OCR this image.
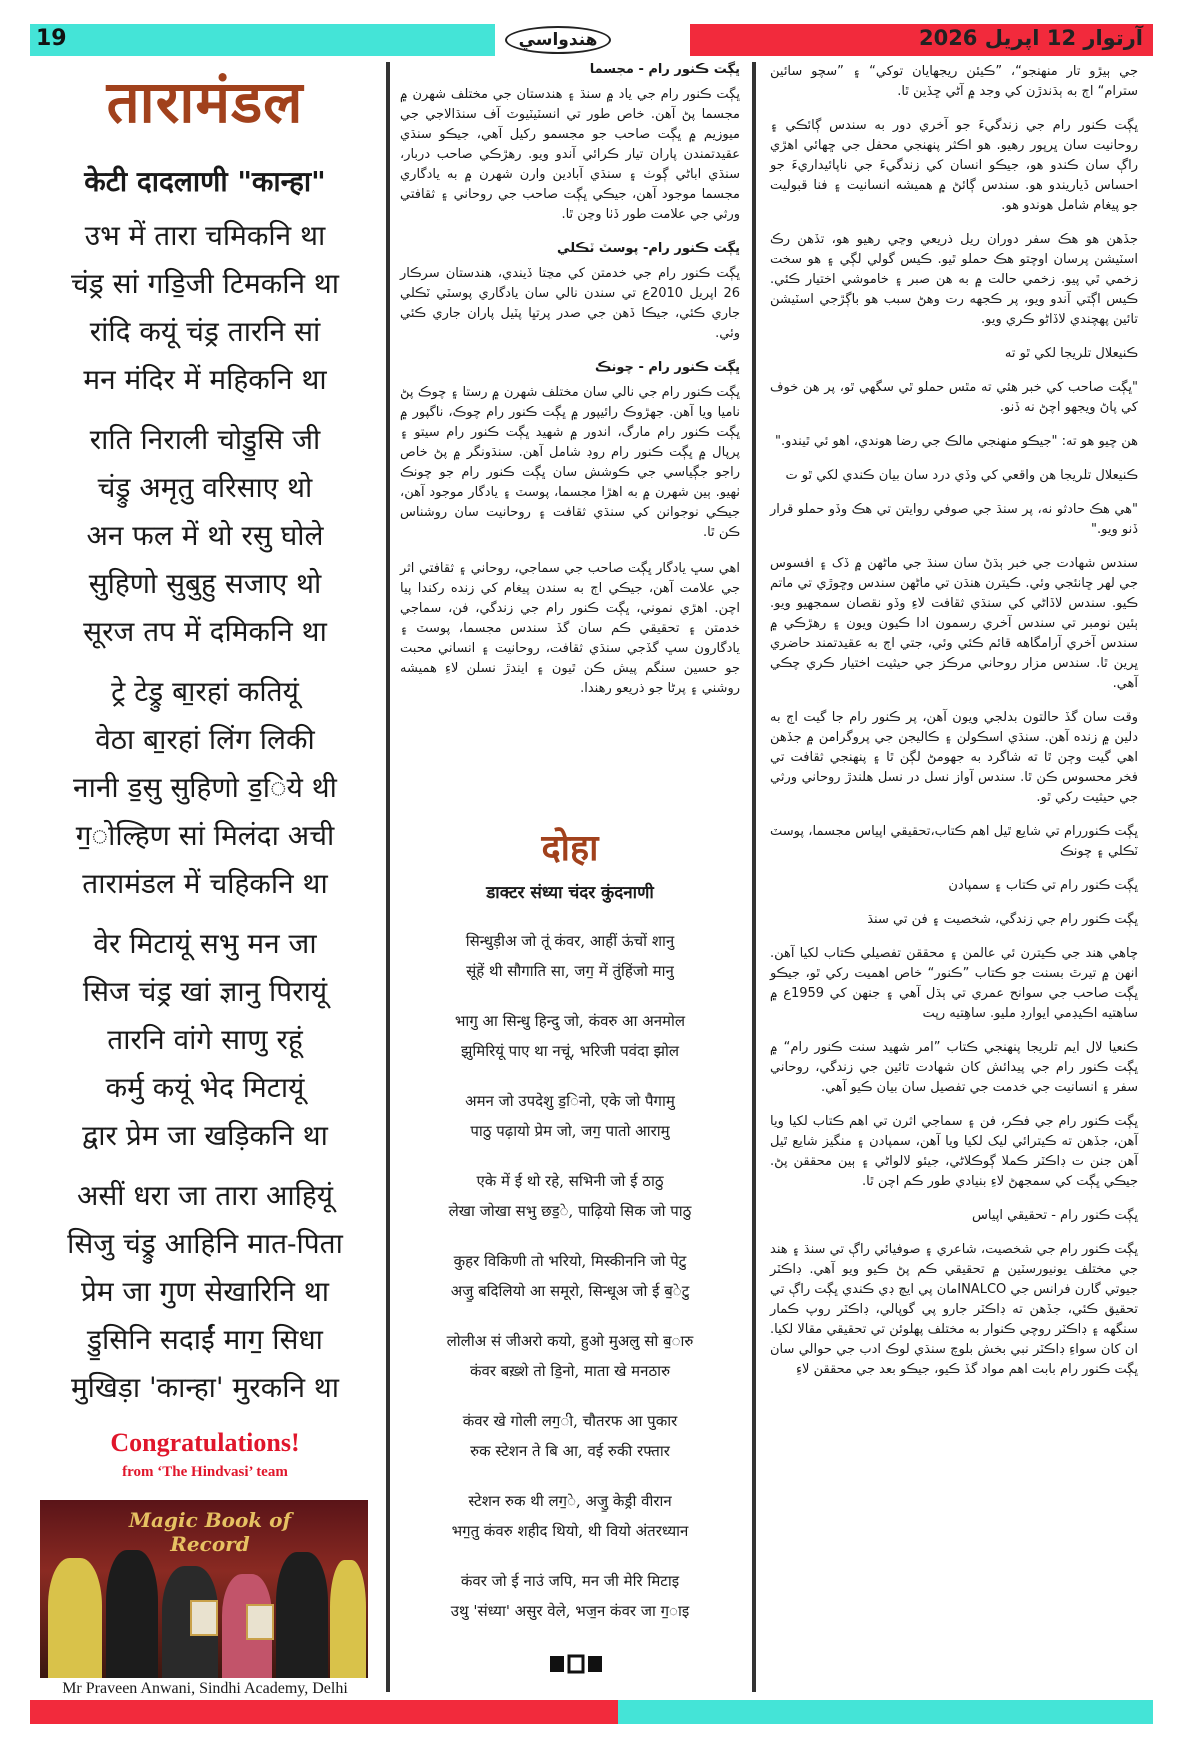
19	آرتوار 12 اپريل 2026
هندواسي
तारामंडल
केटी दादलाणी "कान्हा"
उभ में तारा चमिकनि था
चंड्र सां गडि॒जी टिमकनि था
रांदि कयूं चंड्र तारनि सां
मन मंदिर में महिकनि था
राति निराली चोडु॒सि जी
चंड्रु अमृतु वरिसाए थो
अन फल में थो रसु घोले
सुहिणो सुबुहु सजाए थो
सूरज तप में दमिकनि था
ट्रे टेड्रु बा॒रहां कतियूं
वेठा बा॒रहां लिंग लिकी
नानी ड॒सु सुहिणो ड॒िये थी
ग॒ोल्हिण सां मिलंदा अची
तारामंडल में चहिकनि था
वेर मिटायूं सभु मन जा
सिज चंड्र खां ज्ञानु पिरायूं
तारनि वांगे साणु रहूं
कर्मु कयूं भेद मिटायूं
द्वार प्रेम जा खड़िकनि था
असीं धरा जा तारा आहियूं
सिजु चंड्रु आहिनि मात-पिता
प्रेम जा गुण सेखारिनि था
डु॒सिनि सदाईं माग॒ सिधा
मुखिड़ा 'कान्हा' मुरकनि था
Congratulations!
from ‘The Hindvasi’ team
Magic Book of Record
Mr Praveen Anwani, Sindhi Academy, Delhi
ڀڳت ڪنور رام - مجسما
ڀڳت ڪنور رام جي ياد ۾ سنڌ ۽ هندستان جي مختلف شهرن ۾ مجسما پڻ آهن. خاص طور تي انسٽيٽيوٽ آف سنڌالاجي جي ميوزيم ۾ ڀڳت صاحب جو مجسمو رکيل آهي، جيڪو سنڌي عقيدتمندن پاران تيار ڪرائي آندو ويو. رهڙڪي صاحب دربار، سنڌي اباڻي ڳوٺ ۽ سنڌي آبادين وارن شهرن ۾ به يادگاري مجسما موجود آهن، جيڪي ڀڳت صاحب جي روحاني ۽ ثقافتي ورثي جي علامت طور ڏٺا وڃن ٿا.
ڀڳت ڪنور رام- پوسٽ ٽڪلي
ڀڳت ڪنور رام جي خدمتن کي مڃتا ڏيندي، هندستان سرڪار 26 اپريل 2010ع تي سندن نالي سان يادگاري پوسٽي ٽڪلي جاري ڪئي، جيڪا ڏهن جي صدر پرتڀا پٽيل پاران جاري ڪئي وئي.
ڀڳت ڪنور رام - چونڪ
ڀڳت ڪنور رام جي نالي سان مختلف شهرن ۾ رستا ۽ چوڪ پڻ ناميا ويا آهن. جهڙوڪ رائيپور ۾ ڀڳت ڪنور رام چوڪ، ناگپور ۾ ڀڳت ڪنور رام مارگ، اندور ۾ شهيد ڀڳت ڪنور رام سيتو ۽ پرپال ۾ ڀڳت ڪنور رام روڊ شامل آهن. سنڌونگر ۾ پڻ خاص راجو جڳياسي جي ڪوشش سان ڀڳت ڪنور رام جو چونڪ ٺهيو. ٻين شهرن ۾ به اهڙا مجسما، پوسٽ ۽ يادگار موجود آهن، جيڪي نوجوانن کي سنڌي ثقافت ۽ روحانيت سان روشناس ڪن ٿا.
اهي سڀ يادگار ڀڳت صاحب جي سماجي، روحاني ۽ ثقافتي اثر جي علامت آهن، جيڪي اڄ به سندن پيغام کي زنده رکندا پيا اچن. اهڙي نموني، ڀڳت ڪنور رام جي زندگي، فن، سماجي خدمتن ۽ تحقيقي ڪم سان گڏ سندس مجسما، پوسٽ ۽ يادگارون سڀ گڏجي سنڌي ثقافت، روحانيت ۽ انساني محبت جو حسين سنگم پيش ڪن ٿيون ۽ ايندڙ نسلن لاءِ هميشه روشني ۽ پرڻا جو ذريعو رهندا.
दोहा
डाक्टर संध्या चंदर कुंदनाणी
सिन्धुड़ीअ जो तूं कंवर, आहीं ऊंचों शानु
सूंहें थी सौगाति सा, जग॒ में तुंहिंजो मानु
भागु आ सिन्धु हिन्दु जो, कंवरु आ अनमोल
झुमिरियूं पाए था नचूं, भरिजी पवंदा झोल
अमन जो उपदेशु ड॒िनो, एके जो पैगामु
पाठु पढ़ायो प्रेम जो, जग॒ पातो आरामु
एके में ई थो रहे, सभिनी जो ई ठाठु
लेखा जोखा सभु छड॒े, पाढ़ियो सिक जो पाठु
कुहर विकिणी तो भरियो, मिस्कीननि जो पेटु
अजु॒ बदिलियो आ समूरो, सिन्धूअ जो ई ब॒ेटु
लोलीअ सं जीअरो कयो, हुओ मुअलु सो ब॒ारु
कंवर बख़्शे तो डि॒नो, माता खे मनठारु
कंवर खे गोली लग॒ी, चौतरफ आ पुकार
रुक स्टेशन ते बि आ, वई रुकी रफ्तार
स्टेशन रुक थी लग॒े, अजु॒ केड्री वीरान
भग॒तु कंवरु शहीद थियो, थी वियो अंतरध्यान
कंवर जो ई नाउं जपि, मन जी मेरि मिटाइ
उथु 'संध्या' असुर वेले, भज॒न कंवर जा ग॒ाइ
جي ٻيڙو تار منهنجو“، ”ڪيئن ريجهايان توکي“ ۽ ”سچو سائين سترام“ اڄ به ٻڌندڙن کي وجد ۾ آڻي ڇڏين ٿا.
ڀڳت ڪنور رام جي زندگيءَ جو آخري دور به سندس ڳائڪي ۽ روحانيت سان ڀرپور رهيو. هو اڪثر پنهنجي محفل جي ڇهائي اهڙي راڳ سان ڪندو هو، جيڪو انسان کي زندگيءَ جي ناپائيداريءَ جو احساس ڏياريندو هو. سندس ڳائڻ ۾ هميشه انسانيت ۽ فنا قبوليت جو پيغام شامل هوندو هو.
جڏهن هو هڪ سفر دوران ريل ذريعي وڃي رهيو هو، تڏهن رڪ اسٽيشن پرسان اوچتو هڪ حملو ٿيو. ڪيس گولي لڳي ۽ هو سخت زخمي ٿي پيو. زخمي حالت ۾ به هن صبر ۽ خاموشي اختيار ڪئي. ڪيس اڳتي آندو ويو، پر ڪجهه رت وهڻ سبب هو باڳڙجي اسٽيشن تائين پهچندي لاڏاڻو ڪري ويو.
ڪنيعلال تلريجا لکي ٿو ته
"ڀڳت صاحب کي خبر هئي ته مٿس حملو ٿي سگهي ٿو، پر هن خوف کي پاڻ ويجهو اچڻ نه ڏنو.
هن چيو هو ته: "جيڪو منهنجي مالڪ جي رضا هوندي، اهو ئي ٿيندو."
ڪنيعلال تلريجا هن واقعي کي وڏي درد سان بيان ڪندي لکي ٿو ت
"هي هڪ حادثو نه، پر سنڌ جي صوفي روايتن تي هڪ وڏو حملو قرار ڏنو ويو."
سندس شهادت جي خبر ٻڌڻ سان سنڌ جي ماڻهن ۾ ڏک ۽ افسوس جي لهر ڇانئجي وئي. ڪيترن هنڌن تي ماڻهن سندس وڇوڙي تي ماتم ڪيو. سندس لاڏاڻي کي سنڌي ثقافت لاءِ وڏو نقصان سمجهيو ويو. ٻئين نومبر تي سندس آخري رسمون ادا ڪيون ويون ۽ رهڙڪي ۾ سندس آخري آرامگاهه قائم ڪئي وئي، جتي اڄ به عقيدتمند حاضري ڀرين ٿا. سندس مزار روحاني مرڪز جي حيثيت اختيار ڪري چڪي آهي.
وقت سان گڏ حالتون بدلجي ويون آهن، پر ڪنور رام جا گيت اڄ به دلين ۾ زنده آهن. سنڌي اسڪولن ۽ ڪاليجن جي پروگرامن ۾ جڏهن اهي گيت وڄن ٿا ته شاگرد به جهومڻ لڳن ٿا ۽ پنهنجي ثقافت تي فخر محسوس ڪن ٿا. سندس آواز نسل در نسل هلندڙ روحاني ورثي جي حيثيت رکي ٿو.
ڀڳت ڪنوررام تي شايع ٿيل اهم ڪتاب،تحقيقي اپياس مجسما، پوسٽ ٽڪلي ۽ چونڪ
ڀڳت ڪنور رام تي ڪتاب ۽ سمپادن
ڀڳت ڪنور رام جي زندگي، شخصيت ۽ فن تي سنڌ
چاهي هند جي ڪيترن ئي عالمن ۽ محققن تفصيلي ڪتاب لکيا آهن. انهن ۾ تيرٿ بسنت جو ڪتاب ”ڪنور“ خاص اهميت رکي ٿو، جيڪو ڀڳت صاحب جي سوانح عمري تي ٻڌل آهي ۽ جنهن کي 1959ع ۾ ساهتيه اڪيڊمي ايوارڊ مليو. ساهِتيه رپت
ڪنعيا لال ايم تلريجا پنهنجي ڪتاب ”امر شهيد سنت ڪنور رام“ ۾ ڀڳت ڪنور رام جي پيدائش کان شهادت تائين جي زندگي، روحاني سفر ۽ انسانيت جي خدمت جي تفصيل سان بيان ڪيو آهي.
ڀڳت ڪنور رام جي فڪر، فن ۽ سماجي اثرن تي اهم ڪتاب لکيا ويا آهن، جڏهن ته ڪيترائي ليک لکيا ويا آهن، سمپادن ۽ منگيز شايع ٿيل آهن جنن ت ڊاڪٽر ڪملا ڳوڪلاڻي، جيئو لالواڻي ۽ ٻين محققن پڻ. جيڪي ڀڳت کي سمجهڻ لاءِ بنيادي طور ڪم اچن ٿا.
ڀڳت ڪنور رام - تحقيقي اپياس
ڀڳت ڪنور رام جي شخصيت، شاعري ۽ صوفيائي راڳ تي سنڌ ۽ هند جي مختلف يونيورسٽين ۾ تحقيقي ڪم پڻ ڪيو ويو آهي. ڊاڪٽر جيوتي گارن فرانس جي INALCOمان پي ايچ ڊي ڪندي ڀڳت راڳ تي تحقيق ڪئي، جڏهن ته ڊاڪٽر جارو پي گوپالي، ڊاڪٽر روپ ڪمار سنگهه ۽ ڊاڪٽر روچي ڪنوار به مختلف پهلوئن تي تحقيقي مقالا لکيا. ان کان سواءِ ڊاڪٽر نبي بخش بلوچ سنڌي لوڪ ادب جي حوالي سان ڀڳت ڪنور رام بابت اهم مواد گڏ ڪيو، جيڪو بعد جي محققن لاءِ
